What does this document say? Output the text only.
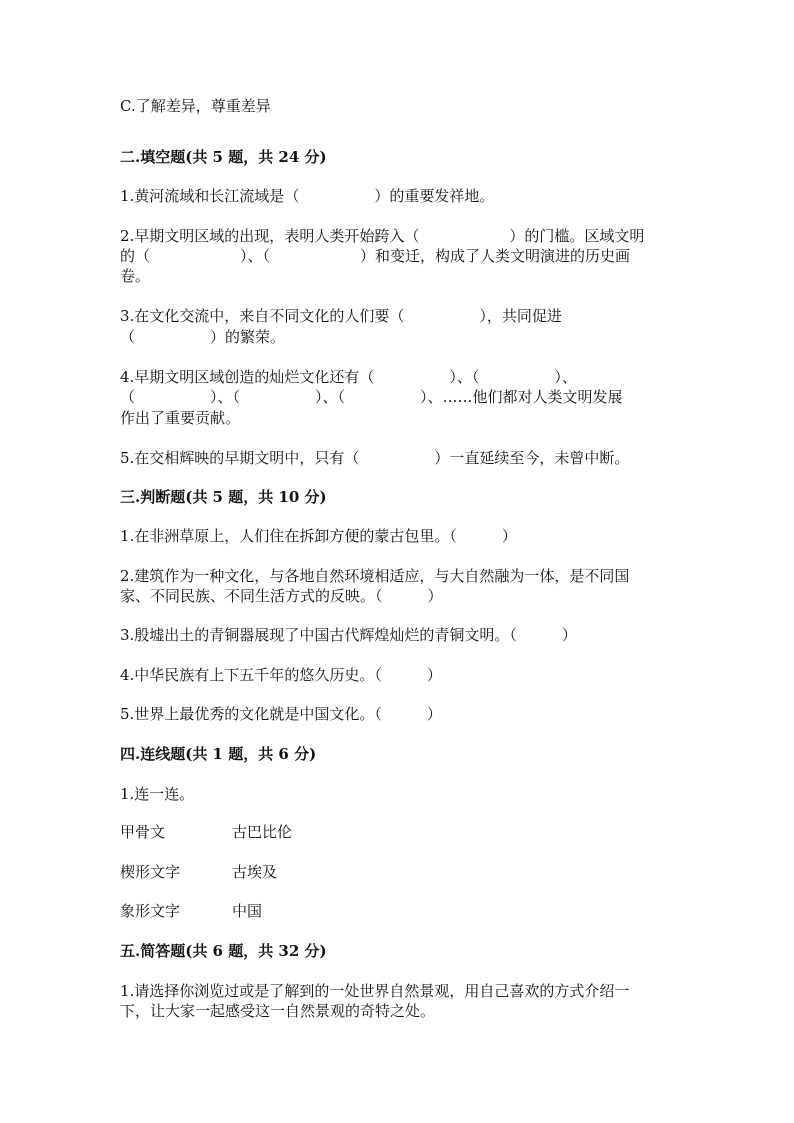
C.了解差异，尊重差异

二.填空题(共 5 题，共 24 分)

1.黄河流域和长江流域是（　　　　　）的重要发祥地。

2.早期文明区域的出现，表明人类开始跨入（　　　　　　）的门槛。区域文明

的（　　　　　　）、（　　　　　　）和变迁，构成了人类文明演进的历史画

卷。

3.在文化交流中，来自不同文化的人们要（　　　　　），共同促进

（　　　　　）的繁荣。

4.早期文明区域创造的灿烂文化还有（　　　　　）、（　　　　　）、

（　　　　　）、（　　　　　）、（　　　　　）、……他们都对人类文明发展

作出了重要贡献。

5.在交相辉映的早期文明中，只有（　　　　　）一直延续至今，未曾中断。

三.判断题(共 5 题，共 10 分)

1.在非洲草原上，人们住在拆卸方便的蒙古包里。（　　　）

2.建筑作为一种文化，与各地自然环境相适应，与大自然融为一体，是不同国

家、不同民族、不同生活方式的反映。（　　　）

3.殷墟出土的青铜器展现了中国古代辉煌灿烂的青铜文明。（　　　）

4.中华民族有上下五千年的悠久历史。（　　　）

5.世界上最优秀的文化就是中国文化。（　　　）

四.连线题(共 1 题，共 6 分)

1.连一连。

甲骨文	古巴比伦
楔形文字	古埃及
象形文字	中国

五.简答题(共 6 题，共 32 分)

1.请选择你浏览过或是了解到的一处世界自然景观，用自己喜欢的方式介绍一

下，让大家一起感受这一自然景观的奇特之处。
